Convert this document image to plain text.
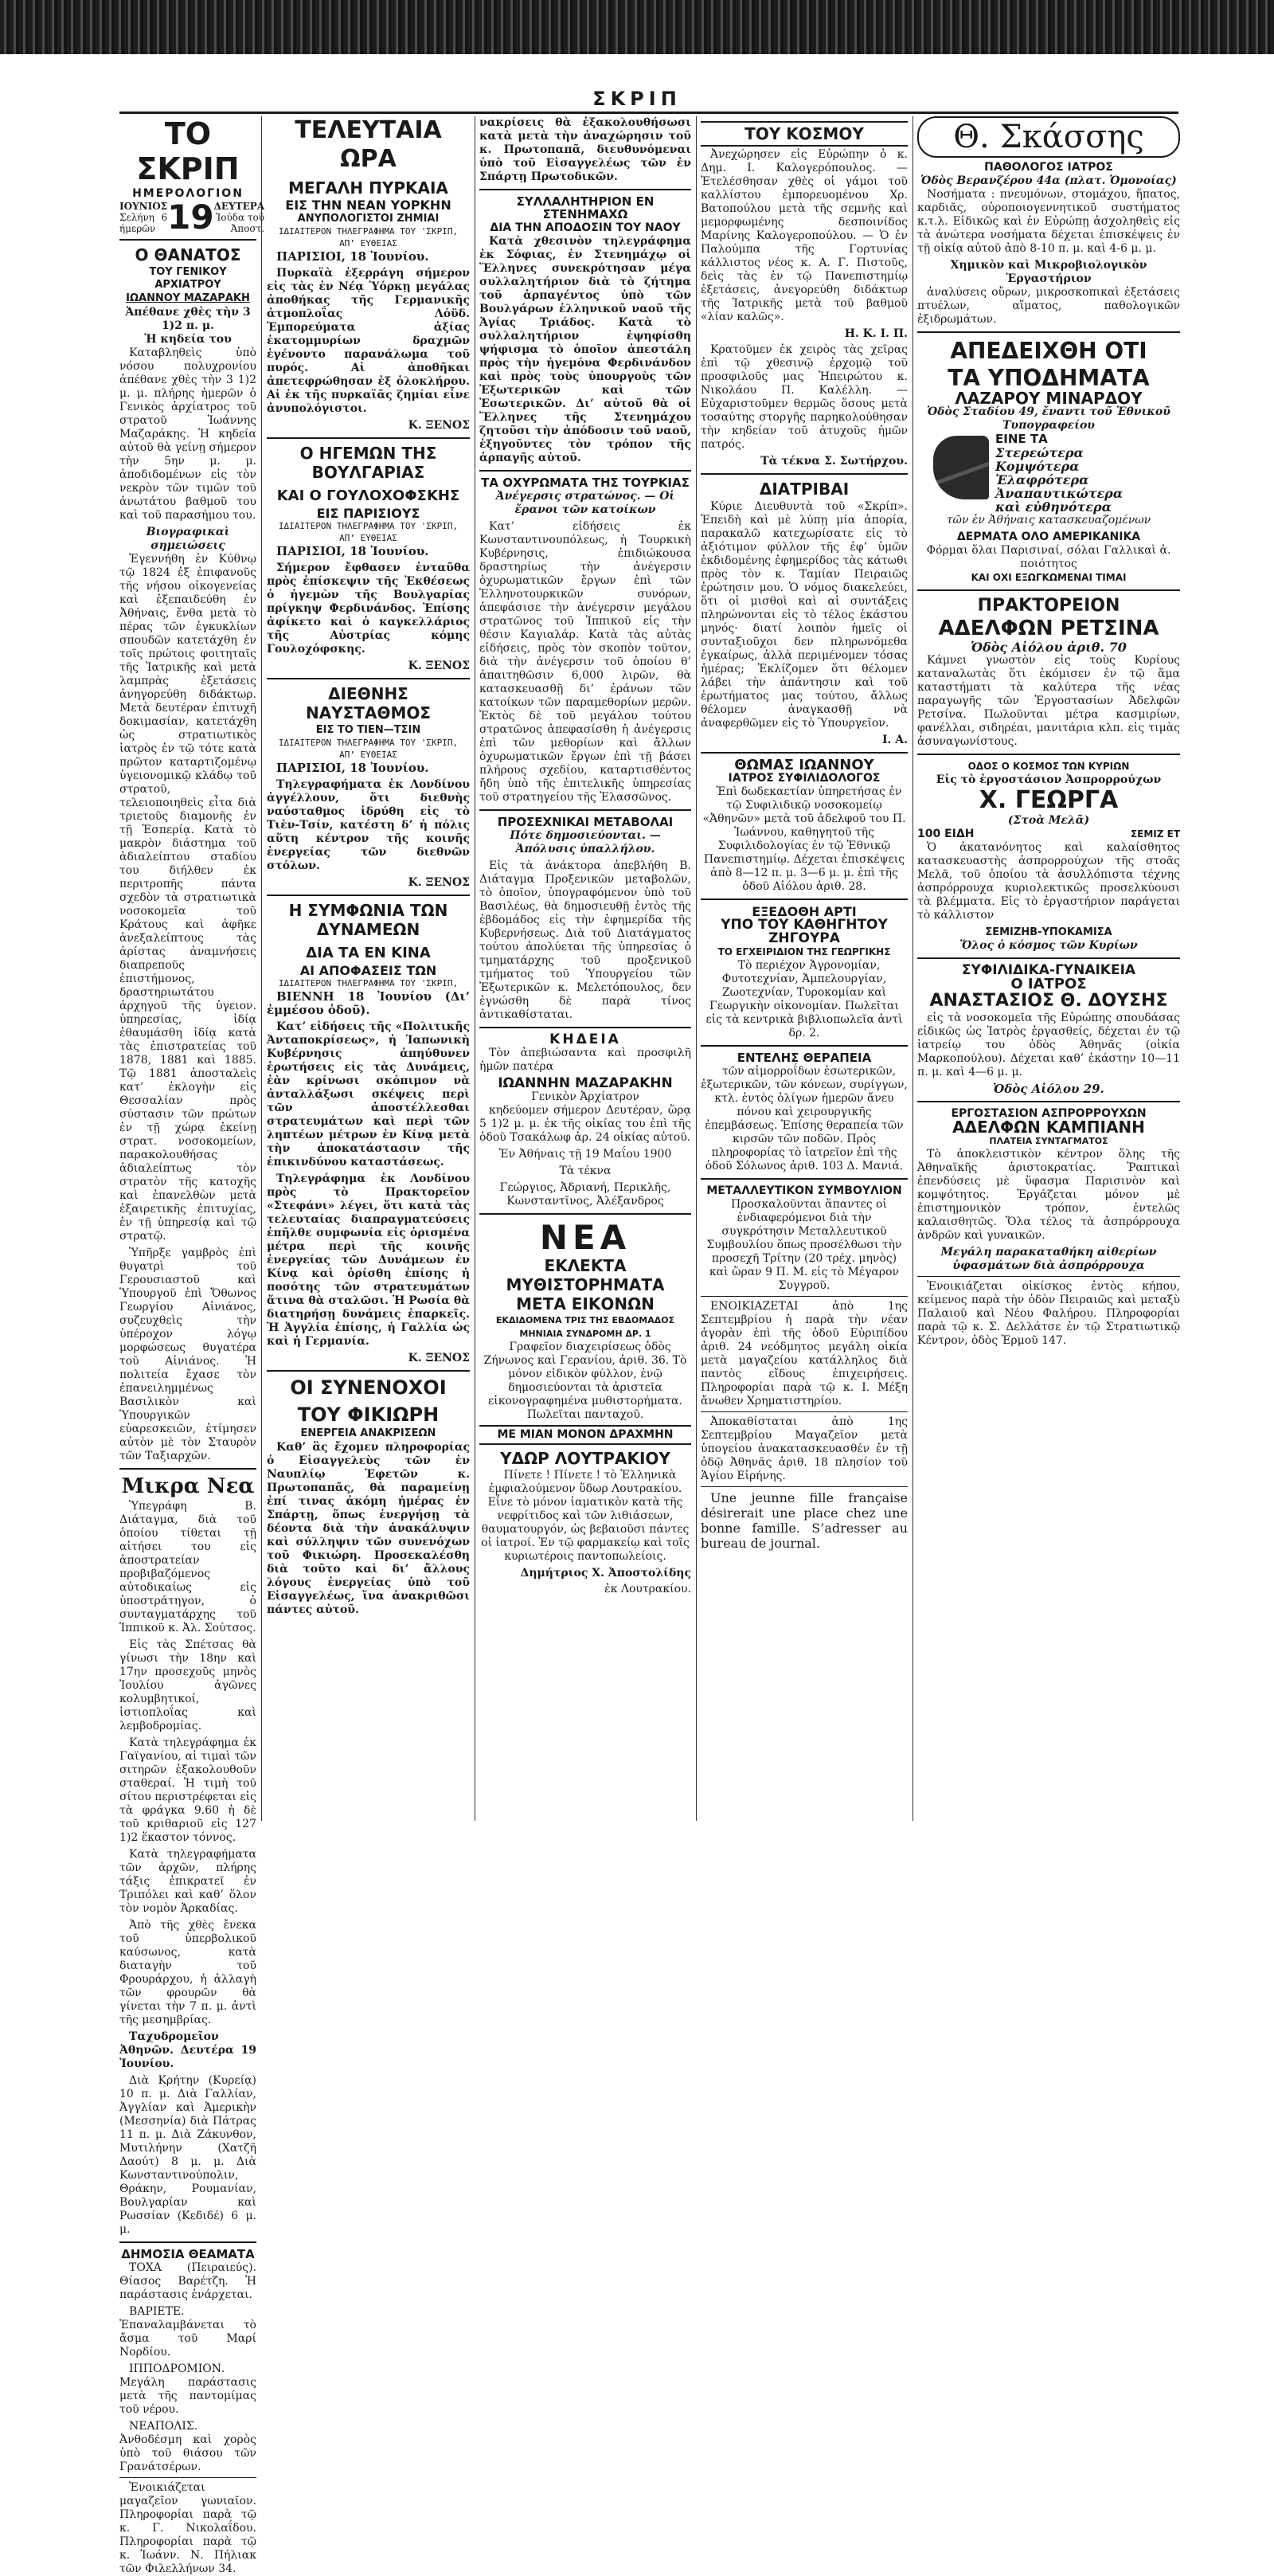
ΣΚΡΙΠ
ΤΟ ΣΚΡΙΠ
ΗΜΕΡΟΛΟΓΙΟΝ
ΙΟΥΝΙΟΣ
Σελήνη 6 ήμερῶν 19 ΔΕΥΤΕΡΑ
Ἰούδα τοῦ Ἀποστ.
Ο ΘΑΝΑΤΟΣ
ΤΟΥ ΓΕΝΙΚΟΥ ΑΡΧΙΑΤΡΟΥ
ΙΩΑΝΝΟΥ ΜΑΖΑΡΑΚΗ
Ἀπέθανε χθὲς τὴν 3 1)2 π. μ.
Ἡ κηδεία του

Καταβληθεὶς ὑπὸ νόσου πολυχρονίου ἀπέθανε χθὲς τὴν 3 1)2 μ. μ. πλήρης ἡμερῶν ὁ Γενικὸς ἀρχίατρος τοῦ στρατοῦ Ἰωάννης Μαζαράκης. Ἡ κηδεία αὐτοῦ θὰ γείνῃ σήμερον τὴν 5ην μ. μ. ἀποδιδομένων εἰς τὸν νεκρὸν τῶν τιμῶν τοῦ ἀνωτάτου βαθμοῦ του καὶ τοῦ παρασήμου του.

Βιογραφικαὶ σημειώσεις

Ἐγεννήθη ἐν Κύθνῳ τῷ 1824 ἐξ ἐπιφανοῦς τῆς νήσου οἰκογενείας καὶ ἐξεπαιδεύθη ἐν Ἀθήναις, ἔνθα μετὰ τὸ πέρας τῶν ἐγκυκλίων σπουδῶν κατετάχθη ἐν τοῖς πρώτοις φοιτηταῖς τῆς Ἰατρικῆς καὶ μετὰ λαμπρὰς ἐξετάσεις ἀνηγορεύθη διδάκτωρ. Μετὰ δευτέραν ἐπιτυχῆ δοκιμασίαν, κατετάχθη ὡς στρατιωτικὸς ἰατρὸς ἐν τῷ τότε κατὰ πρῶτον καταρτιζομένῳ ὑγειονομικῷ κλάδῳ τοῦ στρατοῦ, τελειοποιηθεὶς εἶτα διὰ τριετοῦς διαμονῆς ἐν τῇ Ἑσπερίᾳ. Κατὰ τὸ μακρὸν διάστημα τοῦ ἀδιαλείπτου σταδίου του διήλθεν ἐκ περιτροπῆς πάντα σχεδὸν τὰ στρατιωτικὰ νοσοκομεῖα τοῦ Κράτους καὶ ἀφῆκε ἀνεξαλείπτους τὰς ἀρίστας ἀναμνήσεις διαπρεποῦς ἐπιστήμονος, δραστηριωτάτου ἀρχηγοῦ τῆς ὑγειον. ὑπηρεσίας, ἰδίᾳ ἐθαυμάσθη ἰδίᾳ κατὰ τὰς ἐπιστρατείας τοῦ 1878, 1881 καὶ 1885. Τῷ 1881 ἀποσταλεὶς κατ’ ἐκλογὴν εἰς Θεσσαλίαν πρὸς σύστασιν τῶν πρώτων ἐν τῇ χώρᾳ ἐκείνῃ στρατ. νοσοκομείων, παρακολουθήσας ἀδιαλείπτως τὸν στρατὸν τῆς κατοχῆς καὶ ἐπανελθὼν μετὰ ἐξαιρετικῆς ἐπιτυχίας, ἐν τῇ ὑπηρεσίᾳ καὶ τῷ στρατῷ.

Ὑπῆρξε γαμβρὸς ἐπὶ θυγατρὶ τοῦ Γερουσιαστοῦ καὶ Ὑπουργοῦ ἐπὶ Ὄθωνος Γεωργίου Αἰνιάνος, συζευχθεὶς τὴν ὑπέροχον λόγῳ μορφώσεως θυγατέρα τοῦ Αἰνιάνος. Ἡ πολιτεία ἔχασε τὸν ἐπανειλημμένως Βασιλικὸν καὶ Ὑπουργικῶν εὐαρεσκειῶν, ἐτίμησεν αὐτὸν μὲ τὸν Σταυρὸν τῶν Ταξιαρχῶν.

Μικρα Νεα

Ὑπεγράφη Β. Διάταγμα, διὰ τοῦ ὁποίου τίθεται τῇ αἰτήσει του εἰς ἀποστρατείαν προβιβαζόμενος αὐτοδικαίως εἰς ὑποστράτηγον, ὁ συνταγματάρχης τοῦ Ἱππικοῦ κ. Ἀλ. Σούτσος.

Εἰς τὰς Σπέτσας θὰ γίνωσι τὴν 18ην καὶ 17ην προσεχοῦς μηνὸς Ἰουλίου ἀγῶνες κολυμβητικοί, ἱστιοπλοΐας καὶ λεμβοδρομίας.

Κατὰ τηλεγράφημα ἐκ Γαϊγανίου, αἱ τιμαὶ τῶν σιτηρῶν ἐξακολουθοῦν σταθεραί. Ἡ τιμὴ τοῦ σίτου περιστρέφεται εἰς τὰ φράγκα 9.60 ἡ δὲ τοῦ κριθαριοῦ εἰς 127 1)2 ἕκαστον τόννος.

Κατὰ τηλεγραφήματα τῶν ἀρχῶν, πλήρης τάξις ἐπικρατεῖ ἐν Τριπόλει καὶ καθ’ ὅλον τὸν νομὸν Ἀρκαδίας.

Ἀπὸ τῆς χθὲς ἔνεκα τοῦ ὑπερβολικοῦ καύσωνος, κατὰ διαταγὴν τοῦ Φρουράρχου, ἡ ἀλλαγὴ τῶν φρουρῶν θὰ γίνεται τὴν 7 π. μ. ἀντὶ τῆς μεσημβρίας.

Ταχυδρομεῖον Ἀθηνῶν. Δευτέρα 19 Ἰουνίου.

Διὰ Κρήτην (Κυρείᾳ) 10 π. μ. Διὰ Γαλλίαν, Ἀγγλίαν καὶ Ἀμερικὴν (Μεσσηνία) διὰ Πάτρας 11 π. μ. Διὰ Ζάκυνθον, Μυτιλήνην (Χατζῆ Δαούτ) 8 μ. μ. Διὰ Κωνσταντινούπολιν, Θράκην, Ρουμανίαν, Βουλγαρίαν καὶ Ρωσσίαν (Κεδιδέ) 6 μ. μ.

ΔΗΜΟΣΙΑ ΘΕΑΜΑΤΑ

ΤΟΧΑ (Πειραιεύς). Θίασος Βαρέτζη. Ἡ παράστασις ἐνάρχεται.

ΒΑΡΙΕΤΕ. Ἐπαναλαμβάνεται τὸ ἄσμα τοῦ Μαρί Νορδίου.

ΙΠΠΟΔΡΟΜΙΟΝ. Μεγάλη παράστασις μετὰ τῆς παντομίμας τοῦ νέρου.

ΝΕΑΠΟΛΙΣ. Ἀνθοδέσμη καὶ χορὸς ὑπὸ τοῦ θιάσου τῶν Γρανάτσέρων.

Ἐνοικιάζεται μαγαζεῖον γωνιαῖον. Πληροφορίαι παρὰ τῷ κ. Γ. Νικολαΐδου. Πληροφορίαι παρὰ τῷ κ. Ἰωάνν. Ν. Πήλιακ τῶν Φιλελλήνων 34.

ΤΕΛΕΥΤΑΙΑ ΩΡΑ
ΜΕΓΑΛΗ ΠΥΡΚΑΙΑ
ΕΙΣ ΤΗΝ ΝΕΑΝ ΥΟΡΚΗΝ
ΑΝΥΠΟΛΟΓΙΣΤΟΙ ΖΗΜΙΑΙ
ΙΔΙΑΙΤΕΡΟΝ ΤΗΛΕΓΡΑΦΗΜΑ ΤΟΥ 'ΣΚΡΙΠ,
ΑΠ’ ΕΥΘΕΙΑΣ

ΠΑΡΙΣΙΟΙ, 18 Ἰουνίου.

Πυρκαϊὰ ἐξερράγη σήμερον εἰς τὰς ἐν Νέᾳ Ὑόρκῃ μεγάλας ἀποθήκας τῆς Γερμανικῆς ἀτμοπλοΐας Λόϋδ. Ἐμπορεύματα ἀξίας ἑκατομμυρίων δραχμῶν ἐγένοντο παρανάλωμα τοῦ πυρός. Αἱ ἀποθῆκαι ἀπετεφρώθησαν ἐξ ὁλοκλήρου. Αἱ ἐκ τῆς πυρκαϊᾶς ζημίαι εἶνε ἀνυπολόγιστοι.

Κ. ΞΕΝΟΣ
Ο ΗΓΕΜΩΝ ΤΗΣ ΒΟΥΛΓΑΡΙΑΣ
ΚΑΙ Ο ΓΟΥΛΟΧΟΦΣΚΗΣ
ΕΙΣ ΠΑΡΙΣΙΟΥΣ
ΙΔΙΑΙΤΕΡΟΝ ΤΗΛΕΓΡΑΦΗΜΑ ΤΟΥ 'ΣΚΡΙΠ,
ΑΠ’ ΕΥΘΕΙΑΣ

ΠΑΡΙΣΙΟΙ, 18 Ἰουνίου.

Σήμερον ἔφθασεν ἐνταῦθα πρὸς ἐπίσκεψιν τῆς Ἐκθέσεως ὁ ἡγεμὼν τῆς Βουλγαρίας πρίγκηψ Φερδινάνδος. Ἐπίσης ἀφίκετο καὶ ὁ καγκελλάριος τῆς Αὐστρίας κόμης Γουλοχόφσκης.

Κ. ΞΕΝΟΣ
ΔΙΕΘΝΗΣ ΝΑΥΣΤΑΘΜΟΣ
ΕΙΣ ΤΟ ΤΙΕΝ—ΤΣΙΝ
ΙΔΙΑΙΤΕΡΟΝ ΤΗΛΕΓΡΑΦΗΜΑ ΤΟΥ 'ΣΚΡΙΠ,
ΑΠ’ ΕΥΘΕΙΑΣ

ΠΑΡΙΣΙΟΙ, 18 Ἰουνίου.

Τηλεγραφήματα ἐκ Λονδίνου ἀγγέλλουν, ὅτι διεθνὴς ναύσταθμος ἱδρύθη εἰς τὸ Τιὲν-Τσίν, κατέστη δ’ ἡ πόλις αὕτη κέντρον τῆς κοινῆς ἐνεργείας τῶν διεθνῶν στόλων.

Κ. ΞΕΝΟΣ
Η ΣΥΜΦΩΝΙΑ ΤΩΝ ΔΥΝΑΜΕΩΝ
ΔΙΑ ΤΑ ΕΝ ΚΙΝΑ
ΑΙ ΑΠΟΦΑΣΕΙΣ ΤΩΝ
ΙΔΙΑΙΤΕΡΟΝ ΤΗΛΕΓΡΑΦΗΜΑ ΤΟΥ 'ΣΚΡΙΠ,

ΒΙΕΝΝΗ 18 Ἰουνίου (Δι’ ἐμμέσου ὁδοῦ).

Κατ’ εἰδήσεις τῆς «Πολιτικῆς Ἀνταποκρίσεως», ἡ Ἰαπωνικὴ Κυβέρνησις ἀπηύθυνεν ἐρωτήσεις εἰς τὰς Δυνάμεις, ἐὰν κρίνωσι σκόπιμον νὰ ἀνταλλάξωσι σκέψεις περὶ τῶν ἀποστέλλεσθαι στρατευμάτων καὶ περὶ τῶν ληπτέων μέτρων ἐν Κίνᾳ μετὰ τὴν ἀποκατάστασιν τῆς ἐπικινδύνου καταστάσεως.

Τηλεγράφημα ἐκ Λονδίνου πρὸς τὸ Πρακτορεῖον «Στεφάνι» λέγει, ὅτι κατὰ τὰς τελευταίας διαπραγματεύσεις ἐπῆλθε συμφωνία εἰς ὁρισμένα μέτρα περὶ τῆς κοινῆς ἐνεργείας τῶν Δυνάμεων ἐν Κίνᾳ καὶ ὁρίσθη ἐπίσης ἡ ποσότης τῶν στρατευμάτων ἅτινα θὰ σταλῶσι. Ἡ Ρωσία θὰ διατηρήσῃ δυνάμεις ἐπαρκεῖς. Ἡ Ἀγγλία ἐπίσης, ἡ Γαλλία ὡς καὶ ἡ Γερμανία.

Κ. ΞΕΝΟΣ
ΟΙ ΣΥΝΕΝΟΧΟΙ
ΤΟΥ ΦΙΚΙΩΡΗ
ΕΝΕΡΓΕΙΑ ΑΝΑΚΡΙΣΕΩΝ

Καθ’ ἃς ἔχομεν πληροφορίας ὁ Εἰσαγγελεὺς τῶν ἐν Ναυπλίῳ Ἐφετῶν κ. Πρωτοπαπᾶς, θὰ παραμείνῃ ἐπί τινας ἀκόμη ἡμέρας ἐν Σπάρτῃ, ὅπως ἐνεργήσῃ τὰ δέοντα διὰ τὴν ἀνακάλυψιν καὶ σύλληψιν τῶν συνενόχων τοῦ Φικιώρη. Προσεκαλέσθη διὰ τοῦτο καὶ δι’ ἄλλους λόγους ἐνεργείας ὑπὸ τοῦ Εἰσαγγελέως, ἵνα ἀνακριθῶσι πάντες αὐτοῦ.

νακρίσεις θὰ ἐξακολουθήσωσι κατὰ μετὰ τὴν ἀναχώρησιν τοῦ κ. Πρωτοπαπᾶ, διευθυνόμεναι ὑπὸ τοῦ Εἰσαγγελέως τῶν ἐν Σπάρτῃ Πρωτοδικῶν.

ΣΥΛΛΑΛΗΤΗΡΙΟΝ ΕΝ ΣΤΕΝΗΜΑΧΩ
ΔΙΑ ΤΗΝ ΑΠΟΔΟΣΙΝ ΤΟΥ ΝΑΟΥ

Κατὰ χθεσινὸν τηλεγράφημα ἐκ Σόφιας, ἐν Στενημάχῳ οἱ Ἕλληνες συνεκρότησαν μέγα συλλαλητήριον διὰ τὸ ζήτημα τοῦ ἁρπαγέντος ὑπὸ τῶν Βουλγάρων ἑλληνικοῦ ναοῦ τῆς Ἁγίας Τριάδος. Κατὰ τὸ συλλαλητήριον ἐψηφίσθη ψήφισμα τὸ ὁποῖον ἀπεστάλη πρὸς τὴν ἡγεμόνα Φερδινάνδον καὶ πρὸς τοὺς ὑπουργοὺς τῶν Ἐξωτερικῶν καὶ τῶν Ἐσωτερικῶν. Δι’ αὐτοῦ θὰ οἱ Ἕλληνες τῆς Στενημάχου ζητοῦσι τὴν ἀπόδοσιν τοῦ ναοῦ, ἐξηγοῦντες τὸν τρόπον τῆς ἁρπαγῆς αὐτοῦ.

ΤΑ ΟΧΥΡΩΜΑΤΑ ΤΗΣ ΤΟΥΡΚΙΑΣ

Ἀνέγερσις στρατώνος. — Οἱ ἔρανοι τῶν κατοίκων

Κατ’ εἰδήσεις ἐκ Κωνσταντινουπόλεως, ἡ Τουρκικὴ Κυβέρνησις, ἐπιδιώκουσα δραστηρίως τὴν ἀνέγερσιν ὀχυρωματικῶν ἔργων ἐπὶ τῶν Ἑλληνοτουρκικῶν συνόρων, ἀπεφάσισε τὴν ἀνέγερσιν μεγάλου στρατῶνος τοῦ Ἱππικοῦ εἰς τὴν θέσιν Καγιαλάρ. Κατὰ τὰς αὐτὰς εἰδήσεις, πρὸς τὸν σκοπὸν τοῦτον, διὰ τὴν ἀνέγερσιν τοῦ ὁποίου θ’ ἀπαιτηθῶσιν 6,000 λιρῶν, θὰ κατασκευασθῇ δι’ ἐράνων τῶν κατοίκων τῶν παραμεθορίων μερῶν. Ἐκτὸς δὲ τοῦ μεγάλου τούτου στρατῶνος ἀπεφασίσθη ἡ ἀνέγερσις ἐπὶ τῶν μεθορίων καὶ ἄλλων ὀχυρωματικῶν ἔργων ἐπὶ τῇ βάσει πλήρους σχεδίου, καταρτισθέντος ἤδη ὑπὸ τῆς ἐπιτελικῆς ὑπηρεσίας τοῦ στρατηγείου τῆς Ἐλασσῶνος.

ΠΡΟΣΕΧΝΙΚΑΙ ΜΕΤΑΒΟΛΑΙ

Πότε δημοσιεύονται. — Ἀπόλυσις ὑπαλλήλου.

Εἰς τὰ ἀνάκτορα ἀπεβλήθη Β. Διάταγμα Προξενικῶν μεταβολῶν, τὸ ὁποῖον, ὑπογραφόμενον ὑπὸ τοῦ Βασιλέως, θὰ δημοσιευθῇ ἐντὸς τῆς ἑβδομάδος εἰς τὴν ἐφημερίδα τῆς Κυβερνήσεως. Διὰ τοῦ Διατάγματος τούτου ἀπολύεται τῆς ὑπηρεσίας ὁ τμηματάρχης τοῦ προξενικοῦ τμήματος τοῦ Ὑπουργείου τῶν Ἐξωτερικῶν κ. Μελετόπουλος, δεν ἐγνώσθη δὲ παρὰ τίνος ἀντικαθίσταται.

ΚΗΔΕΙΑ

Τὸν ἀπεβιώσαντα καὶ προσφιλῆ ἡμῶν πατέρα

ΙΩΑΝΝΗΝ ΜΑΖΑΡΑΚΗΝ
Γενικὸν Ἀρχίατρον

κηδεύομεν σήμερον Δευτέραν, ὥρᾳ 5 1)2 μ. μ. ἐκ τῆς οἰκίας του ἐπὶ τῆς ὁδοῦ Τσακάλωφ ἀρ. 24 οἰκίας αὐτοῦ.

Ἐν Ἀθήναις τῇ 19 Μαΐου 1900

Τὰ τέκνα

Γεώργιος, Ἀδριανή, Περικλῆς, Κωνσταντῖνος, Ἀλέξανδρος

ΝΕΑ
ΕΚΛΕΚΤΑ ΜΥΘΙΣΤΟΡΗΜΑΤΑ
ΜΕΤΑ ΕΙΚΟΝΩΝ
ΕΚΔΙΔΟΜΕΝΑ ΤΡΙΣ ΤΗΣ ΕΒΔΟΜΑΔΟΣ
ΜΗΝΙΑΙΑ ΣΥΝΔΡΟΜΗ ΔΡ. 1

Γραφεῖον διαχειρίσεως ὁδὸς Ζήνωνος καὶ Γερανίου, ἀριθ. 36. Τὸ μόνον εἰδικὸν φύλλον, ἐνῷ δημοσιεύονται τὰ ἀριστεῖα εἰκονογραφημένα μυθιστορήματα. Πωλεῖται πανταχοῦ.

ΜΕ ΜΙΑΝ ΜΟΝΟΝ ΔΡΑΧΜΗΝ
ΥΔΩΡ ΛΟΥΤΡΑΚΙΟΥ

Πίνετε ! Πίνετε ! τὸ Ἑλληνικὰ ἐμφιαλούμενον ὕδωρ Λουτρακίου. Εἶνε τὸ μόνον ἱαματικὸν κατὰ τῆς νεφρίτιδος καὶ τῶν λιθιάσεων, θαυματουργόν, ὡς βεβαιοῦσι πάντες οἱ ἰατροί. Ἐν τῷ φαρμακείῳ καὶ τοῖς κυριωτέροις παντοπωλείοις.

Δημήτριος Χ. Ἀποστολίδης
ἐκ Λουτρακίου.
ΤΟΥ ΚΟΣΜΟΥ

Ἀνεχώρησεν εἰς Εὐρώπην ὁ κ. Δημ. Ι. Καλογερόπουλος. — Ἐτελέσθησαν χθὲς οἱ γάμοι τοῦ καλλίστου ἐμπορευομένου Χρ. Βατοπούλου μετὰ τῆς σεμνῆς καὶ μεμορφωμένης δεσποινίδος Μαρίνης Καλογεροπούλου. — Ὁ ἐν Παλούμπα τῆς Γορτυνίας κάλλιστος νέος κ. Α. Γ. Πιστοῦς, δεὶς τὰς ἐν τῷ Πανεπιστημίῳ ἐξετάσεις, ἀνεγορεύθη διδάκτωρ τῆς Ἰατρικῆς μετὰ τοῦ βαθμοῦ «λίαν καλῶς».

Η. Κ. Ι. Π.

Κρατοῦμεν ἐκ χειρὸς τὰς χεῖρας ἐπὶ τῷ χθεσινῷ ἐρχομῷ τοῦ προσφιλοῦς μας Ἠπειρώτου κ. Νικολάου Π. Καλέλλη. — Εὐχαριστοῦμεν θερμῶς ὅσους μετὰ τοσαύτης στοργῆς παρηκολούθησαν τὴν κηδείαν τοῦ ἀτυχοῦς ἡμῶν πατρός.

Τὰ τέκνα Σ. Σωτήρχου.
ΔΙΑΤΡΙΒΑΙ

Κύριε Διευθυντὰ τοῦ «Σκρίπ». Ἐπειδὴ καὶ μὲ λύπῃ μία ἀπορία, παρακαλῶ κατεχωρίσατε εἰς τὸ ἀξιότιμον φύλλον τῆς ἐφ’ ὑμῶν ἐκδιδομένης ἐφημερίδος τὰς κάτωθι πρὸς τὸν κ. Ταμίαν Πειραιῶς ἐρώτησιν μου. Ὁ νόμος διακελεύει, ὅτι οἱ μισθοὶ καὶ αἱ συντάξεις πληρώνονται εἰς τὸ τέλος ἑκάστου μηνός· διατί λοιπὸν ἡμεῖς οἱ συνταξιοῦχοι δεν πληρωνόμεθα ἐγκαίρως, ἀλλὰ περιμένομεν τόσας ἡμέρας; Ἐκλίζομεν ὅτι θέλομεν λάβει τὴν ἀπάντησιν καὶ τοῦ ἐρωτήματος μας τούτου, ἄλλως θέλομεν ἀναγκασθῇ νὰ ἀναφερθῶμεν εἰς τὸ Ὑπουργεῖον.

Ι. Α.
ΘΩΜΑΣ ΙΩΑΝΝΟΥ
ΙΑΤΡΟΣ ΣΥΦΙΛΙΔΟΛΟΓΟΣ

Ἐπὶ δωδεκαετίαν ὑπηρετήσας ἐν τῷ Συφιλιδικῷ νοσοκομείῳ «Ἀθηνῶν» μετὰ τοῦ ἀδελφοῦ του Π. Ἰωάννου, καθηγητοῦ τῆς Συφιλιδολογίας ἐν τῷ Ἐθνικῷ Πανεπιστημίῳ. Δέχεται ἐπισκέψεις ἀπὸ 8—12 π. μ. 3—6 μ. μ. ἐπὶ τῆς ὁδοῦ Αἰόλου ἀριθ. 28.

ΕΞΕΔΟΘΗ ΑΡΤΙ
ΥΠΟ ΤΟΥ ΚΑΘΗΓΗΤΟΥ ΖΗΓΟΥΡΑ
ΤΟ ΕΓΧΕΙΡΙΔΙΟΝ ΤΗΣ ΓΕΩΡΓΙΚΗΣ

Τὸ περιέχον Ἀγρονομίαν, Φυτοτεχνίαν, Ἀμπελουργίαν, Ζωοτεχνίαν, Τυροκομίαν καὶ Γεωργικὴν οἰκονομίαν. Πωλεῖται εἰς τὰ κεντρικὰ βιβλιοπωλεῖα ἀντὶ δρ. 2.

ΕΝΤΕΛΗΣ ΘΕΡΑΠΕΙΑ

τῶν αἱμορροΐδων ἐσωτερικῶν, ἐξωτερικῶν, τῶν κόνεων, συρίγγων, κτλ. ἐντὸς ὀλίγων ἡμερῶν ἄνευ πόνου καὶ χειρουργικῆς ἐπεμβάσεως. Ἐπίσης θεραπεία τῶν κιρσῶν τῶν ποδῶν. Πρὸς πληροφορίας τὸ ἰατρεῖον ἐπὶ τῆς ὁδοῦ Σόλωνος ἀριθ. 103 Δ. Μανιά.

ΜΕΤΑΛΛΕΥΤΙΚΟΝ ΣΥΜΒΟΥΛΙΟΝ

Προσκαλοῦνται ἅπαντες οἱ ἐνδιαφερόμενοι διὰ τὴν συγκρότησιν Μεταλλευτικοῦ Συμβουλίου ὅπως προσέλθωσι τὴν προσεχῆ Τρίτην (20 τρέχ. μηνὸς) καὶ ὥραν 9 Π. Μ. εἰς τὸ Μέγαρον Συγγροῦ.

ΕΝΟΙΚΙΑΖΕΤΑΙ ἀπὸ 1ης Σεπτεμβρίου ἡ παρὰ τὴν νέαν ἀγορὰν ἐπὶ τῆς ὁδοῦ Εὐριπίδου ἀριθ. 24 νεόδμητος μεγάλη οἰκία μετὰ μαγαζείου κατάλληλος διὰ παντὸς εἴδους ἐπιχειρήσεις. Πληροφορίαι παρὰ τῷ κ. Ι. Μέξη ἄνωθεν Χρηματιστηρίου.

Ἀποκαθίσταται ἀπὸ 1ης Σεπτεμβρίου Μαγαζεῖον μετὰ ὑπογείου ἀνακατασκευασθέν ἐν τῇ ὁδῷ Ἀθηνᾶς ἀριθ. 18 πλησίον τοῦ Ἁγίου Εἰρήνης.

Une jeunne fille française désirerait une place chez une bonne famille. S’adresser au bureau de journal.

Θ. Σκάσσης
ΠΑΘΟΛΟΓΟΣ ΙΑΤΡΟΣ
Ὁδὸς Βερανζέρου 44α (πλατ. Ὁμονοίας)

Νοσήματα : πνευμόνων, στομάχου, ἥπατος, καρδιᾶς, οὐροποιογεννητικοῦ συστήματος κ.τ.λ. Εἰδικῶς καὶ ἐν Εὐρώπῃ ἀσχοληθεὶς εἰς τὰ ἀνώτερα νοσήματα δέχεται ἐπισκέψεις ἐν τῇ οἰκίᾳ αὐτοῦ ἀπὸ 8-10 π. μ. καὶ 4-6 μ. μ.

Χημικὸν καὶ Μικροβιολογικὸν Ἐργαστήριον

ἀναλύσεις οὔρων, μικροσκοπικαὶ ἐξετάσεις πτυέλων, αἵματος, παθολογικῶν ἐξιδρωμάτων.

ΑΠΕΔΕΙΧΘΗ ΟΤΙ
ΤΑ ΥΠΟΔΗΜΑΤΑ
ΛΑΖΑΡΟΥ ΜΙΝΑΡΔΟΥ
Ὁδὸς Σταδίου 49, ἔναντι τοῦ Ἐθνικοῦ Τυπογραφείου
ΕΙΝΕ ΤΑ
Στερεώτερα
Κομψότερα
Ἐλαφρότερα
Ἀναπαυτικώτερα
καὶ εὐθηνότερα
τῶν ἐν Ἀθήναις κατασκευαζομένων
ΔΕΡΜΑΤΑ ΟΛΟ ΑΜΕΡΙΚΑΝΙΚΑ
Φόρμαι ὅλαι Παρισιναί, σόλαι Γαλλικαὶ ἁ. ποιότητος
ΚΑΙ ΟΧΙ ΕΞΩΓΚΩΜΕΝΑΙ ΤΙΜΑΙ
ΠΡΑΚΤΟΡΕΙΟΝ
ΑΔΕΛΦΩΝ ΡΕΤΣΙΝΑ
Ὁδὸς Αἰόλου ἀριθ. 70

Κάμνει γνωστὸν εἰς τοὺς Κυρίους καταναλωτὰς ὅτι ἐκόμισεν ἐν τῷ ἅμα καταστήματι τὰ καλύτερα τῆς νέας παραγωγῆς τῶν Ἐργοστασίων Ἀδελφῶν Ρετσίνα. Πωλοῦνται μέτρα κασμιρίων, φανέλλαι, σιδηρέαι, μανιτάρια κλπ. εἰς τιμὰς ἀσυναγωνίστους.

ΟΔΟΣ Ο ΚΟΣΜΟΣ ΤΩΝ ΚΥΡΙΩΝ
Εἰς τὸ ἐργοστάσιον Ἀσπρορρούχων
Χ. ΓΕΩΡΓΑ
(Στοὰ Μελᾶ)
100 ΕΙΔΗ	ΣΕΜΙΖ ΕΤ

Ὁ ἀκατανόνητος καὶ καλαίσθητος κατασκευαστὴς ἀσπρορρούχων τῆς στοᾶς Μελᾶ, τοῦ ὁποίου τὰ ἀσυλλόπιστα τέχνης ἀσπρόρρουχα κυριολεκτικῶς προσελκύουσι τὰ βλέμματα. Εἰς τὸ ἐργαστήριον παράγεται τὸ κάλλιστον

ΣΕΜΙΖΗΒ-ΥΠΟΚΑΜΙΣΑ
Ὅλος ὁ κόσμος τῶν Κυρίων
ΣΥΦΙΛΙΔΙΚΑ-ΓΥΝΑΙΚΕΙΑ
Ο ΙΑΤΡΟΣ
ΑΝΑΣΤΑΣΙΟΣ Θ. ΔΟΥΣΗΣ

εἰς τὰ νοσοκομεῖα τῆς Εὐρώπης σπουδάσας εἰδικῶς ὡς Ἰατρὸς ἐργασθείς, δέχεται ἐν τῷ ἰατρείῳ του ὁδὸς Ἀθηνᾶς (οἰκία Μαρκοπούλου). Δέχεται καθ’ ἑκάστην 10—11 π. μ. καὶ 4—6 μ. μ.

Ὁδὸς Αἰόλου 29.
ΕΡΓΟΣΤΑΣΙΟΝ ΑΣΠΡΟΡΡΟΥΧΩΝ
ΑΔΕΛΦΩΝ ΚΑΜΠΙΑΝΗ
ΠΛΑΤΕΙΑ ΣΥΝΤΑΓΜΑΤΟΣ

Τὸ ἀποκλειστικὸν κέντρον ὅλης τῆς Ἀθηναϊκῆς ἀριστοκρατίας. Ῥαπτικαὶ ἐπενδύσεις μὲ ὕφασμα Παρισινὸν καὶ κομψότητος. Ἐργάζεται μόνον μὲ ἐπιστημονικὸν τρόπον, ἐντελῶς καλαισθητῶς. Ὅλα τέλος τὰ ἀσπρόρρουχα ἀνδρῶν καὶ γυναικῶν.

Μεγάλη παρακαταθήκη αἰθερίων ὑφασμάτων διὰ ἀσπρόρρουχα

Ἐνοικιάζεται οἰκίσκος ἐντὸς κήπου, κείμενος παρὰ τὴν ὁδὸν Πειραιῶς καὶ μεταξὺ Παλαιοῦ καὶ Νέου Φαλήρου. Πληροφορίαι παρὰ τῷ κ. Σ. Δελλάτσε ἐν τῷ Στρατιωτικῷ Κέντρον, ὁδὸς Ἑρμοῦ 147.
